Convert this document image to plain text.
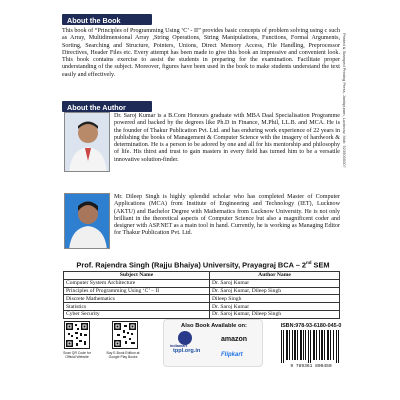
About the Book
This book of “Principles of Programming Using ‘C’ - II” provides basic concepts of problem solving using c such as Array, Multidimensional Array ,String Operations, String Manipulations, Functions, Formal Arguments, Sorting, Searching and Structure, Pointers, Unions, Direct Memory Access, File Handling, Preprocessor Directives, Header Files etc. Every attempt has been made to give this book an impressive and convenient look. This book contains exercise to assist the students in preparing for the examination. Facilitate proper understanding of the subject. Moreover, figures have been used in the book to make students understand the text easily and effectively.
About the Author
Dr. Saroj Kumar is a B.Com Honours graduate with MBA Daal Specialisation Programme powered and backed by the degrees like Ph.D in Finance, M.Phil, LL.B. and MCA. He is the founder of Thakur Publication Pvt. Ltd. and has enduring work experience of 22 years in publishing the books of Management & Computer Science with the imagery of hardwork & determination. He is a person to be adored by one and all for his mentorship and philosophy of life. His thirst and trust to gain masters in every field has turned him to be a versatile innovative solution-finder.
Mr. Dileep Singh is highly splendid scholar who has completed Master of Computer Applications (MCA) from Institute of Engineering and Technology (IET), Lucknow (AKTU) and Bachelor Degree with Mathematics from Lucknow University. He is not only brilliant in the theoretical aspects of Computer Science but also a magnificent coder and designer with ASP.NET as a main tool in hand. Currently, he is working as Managing Editor for Thakur Publication Pvt. Ltd.
Printed & Stamped Printing Press, Jankipuram, Lucknow. Mob: 9235000007
Prof. Rajendra Singh (Rajju Bhaiya) University, Prayagraj BCA – 2nd SEM
Subject Name	Author Name
Computer System Architecture	Dr. Saroj Kumar
Principles of Programming Using ‘C’ – II	Dr. Saroj Kumar, Dileep Singh
Discrete Mathematics	Dileep Singh
Statistics	Dr. Saroj Kumar
Cyber Security	Dr. Saroj Kumar, Dileep Singh
Scan QR Code for Official Website
Buy E-Book Edition at Google Play Books
Also Book Available on:
indiamart
amazon
tppl.org.in
Flipkart
ISBN:978-93-6180-045-0
9 789361 800450
